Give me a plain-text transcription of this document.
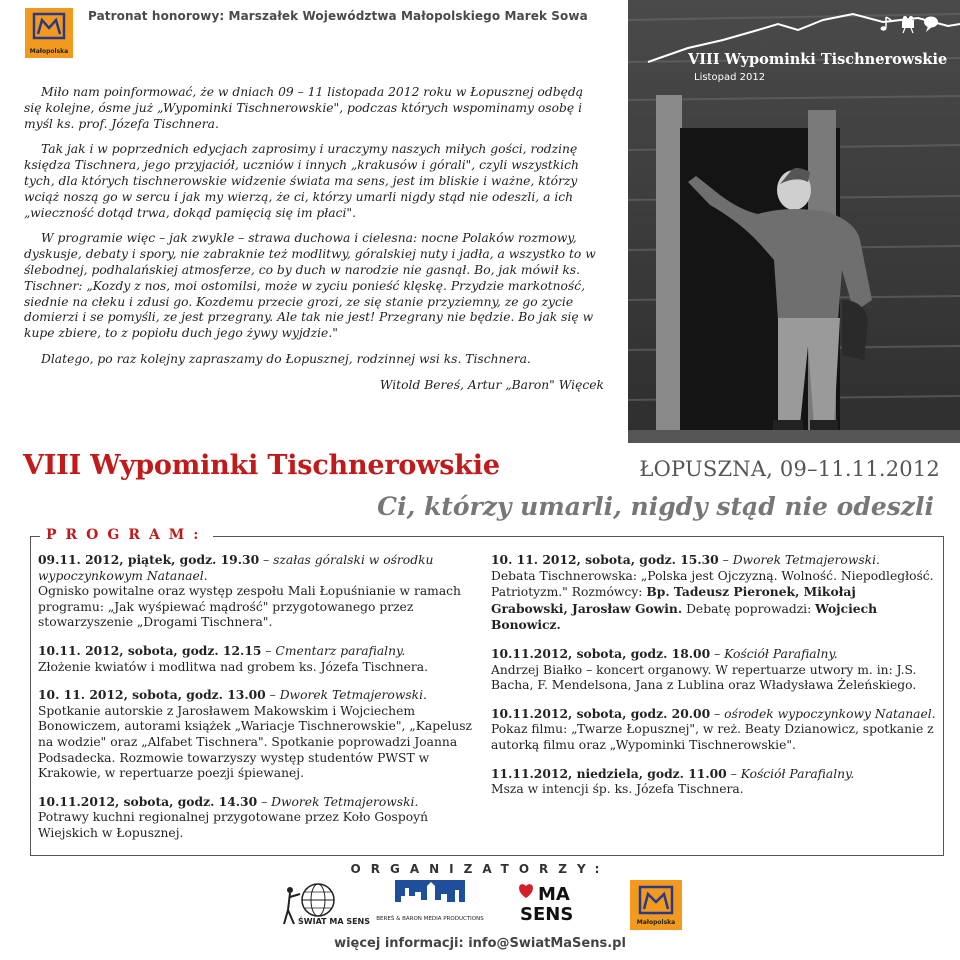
Małopolska
Patronat honorowy: Marszałek Województwa Małopolskiego Marek Sowa

Miło nam poinformować, że w dniach 09 – 11 listopada 2012 roku w Łopusznej odbędą się kolejne, ósme już „Wypominki Tischnerowskie", podczas których wspominamy osobę i myśl ks. prof. Józefa Tischnera.

Tak jak i w poprzednich edycjach zaprosimy i uraczymy naszych miłych gości, rodzinę księdza Tischnera, jego przyjaciół, uczniów i innych „krakusów i górali", czyli wszystkich tych, dla których tischnerowskie widzenie świata ma sens, jest im bliskie i ważne, którzy wciąż noszą go w sercu i jak my wierzą, że ci, którzy umarli nigdy stąd nie odeszli, a ich „wieczność dotąd trwa, dokąd pamięcią się im płaci".

W programie więc – jak zwykle – strawa duchowa i cielesna: nocne Polaków rozmowy, dyskusje, debaty i spory, nie zabraknie też modlitwy, góralskiej nuty i jadła, a wszystko to w ślebodnej, podhalańskiej atmosferze, co by duch w narodzie nie gasnął. Bo, jak mówił ks. Tischner: „Kozdy z nos, moi ostomilsi, może w zyciu ponieść klęskę. Przydzie markotność, siednie na cłeku i zdusi go. Kozdemu przecie grozi, ze się stanie przyziemny, ze go zycie domierzi i se pomyśli, ze jest przegrany. Ale tak nie jest! Przegrany nie będzie. Bo jak się w kupe zbiere, to z popiołu duch jego żywy wyjdzie."

Dlatego, po raz kolejny zapraszamy do Łopusznej, rodzinnej wsi ks. Tischnera.

Witold Bereś, Artur „Baron" Więcek

VIII Wypominki Tischnerowskie
Listopad 2012
VIII Wypominki Tischnerowskie	ŁOPUSZNA, 09–11.11.2012
Ci, którzy umarli, nigdy stąd nie odeszli
PROGRAM:
09.11. 2012, piątek, godz. 19.30 – szałas góralski w ośrodku wypoczynkowym Natanael.
Ognisko powitalne oraz występ zespołu Mali Łopuśnianie w ramach programu: „Jak wyśpiewać mądrość" przygotowanego przez stowarzyszenie „Drogami Tischnera".
10.11. 2012, sobota, godz. 12.15 – Cmentarz parafialny.
Złożenie kwiatów i modlitwa nad grobem ks. Józefa Tischnera.
10. 11. 2012, sobota, godz. 13.00 – Dworek Tetmajerowski.
Spotkanie autorskie z Jarosławem Makowskim i Wojciechem Bonowiczem, autorami książek „Wariacje Tischnerowskie", „Kapelusz na wodzie" oraz „Alfabet Tischnera". Spotkanie poprowadzi Joanna Podsadecka. Rozmowie towarzyszy występ studentów PWST w Krakowie, w repertuarze poezji śpiewanej.
10.11.2012, sobota, godz. 14.30 – Dworek Tetmajerowski.
Potrawy kuchni regionalnej przygotowane przez Koło Gospoyń Wiejskich w Łopusznej.
10. 11. 2012, sobota, godz. 15.30 – Dworek Tetmajerowski.
Debata Tischnerowska: „Polska jest Ojczyzną. Wolność. Niepodległość. Patriotyzm." Rozmówcy: Bp. Tadeusz Pieronek, Mikołaj Grabowski, Jarosław Gowin. Debatę poprowadzi: Wojciech Bonowicz.
10.11.2012, sobota, godz. 18.00 – Kościół Parafialny.
Andrzej Białko – koncert organowy. W repertuarze utwory m. in: J.S. Bacha, F. Mendelsona, Jana z Lublina oraz Władysława Żeleńskiego.
10.11.2012, sobota, godz. 20.00 – ośrodek wypoczynkowy Natanael.
Pokaz filmu: „Twarze Łopusznej", w reż. Beaty Dzianowicz, spotkanie z autorką filmu oraz „Wypominki Tischnerowskie".
11.11.2012, niedziela, godz. 11.00 – Kościół Parafialny.
Msza w intencji śp. ks. Józefa Tischnera.
ORGANIZATORZY:
ŚWIAT MA SENS BEREŚ & BARON MEDIA PRODUCTIONS
MA
SENS	Małopolska
więcej informacji: info@SwiatMaSens.pl
